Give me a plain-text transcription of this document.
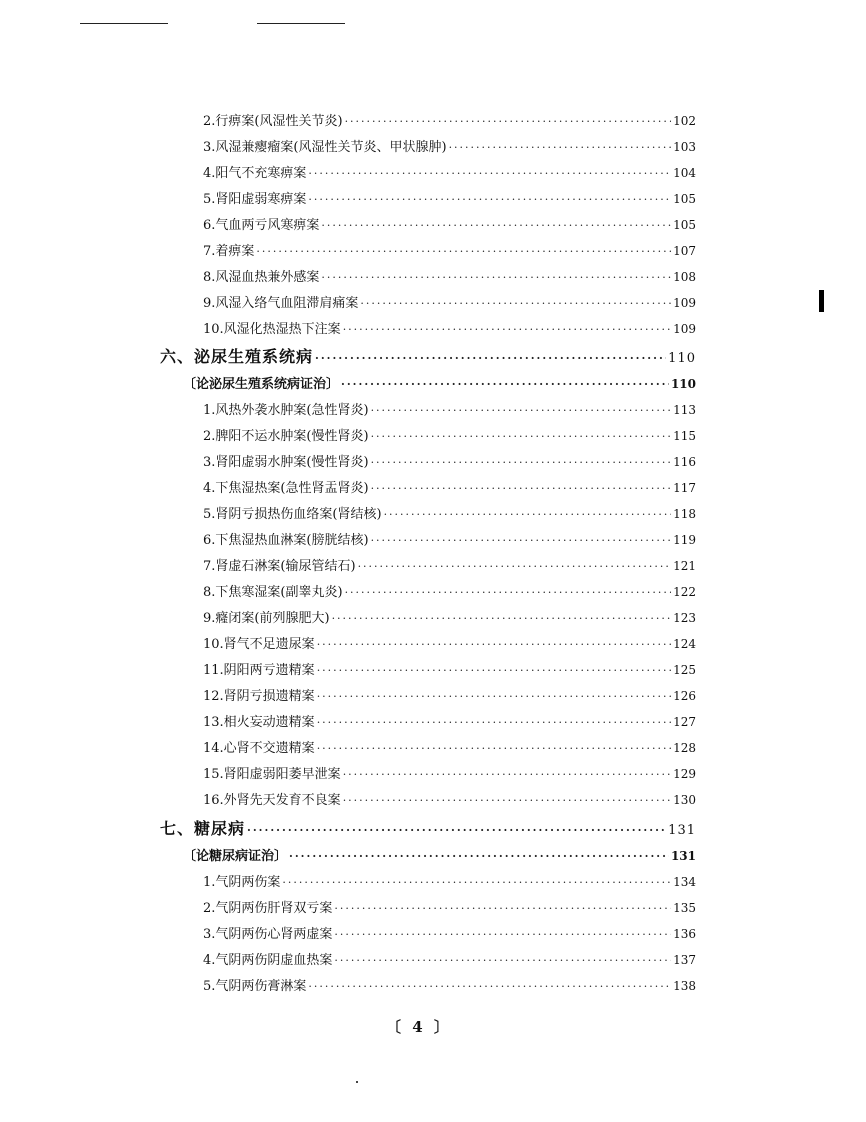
2.行痹案(风湿性关节炎) ·····	102
3.风湿兼瘿瘤案(风湿性关节炎、甲状腺肿) ·····	103
4.阳气不充寒痹案 ·····	104
5.肾阳虚弱寒痹案 ·····	105
6.气血两亏风寒痹案 ·····	105
7.着痹案 ·····	107
8.风湿血热兼外感案 ·····	108
9.风湿入络气血阻滞肩痛案 ·····	109
10.风湿化热湿热下注案 ·····	109
六、泌尿生殖系统病 ·····	110
〔论泌尿生殖系统病证治〕 ·····	110
1.风热外袭水肿案(急性肾炎) ·····	113
2.脾阳不运水肿案(慢性肾炎) ·····	115
3.肾阳虚弱水肿案(慢性肾炎) ·····	116
4.下焦湿热案(急性肾盂肾炎) ·····	117
5.肾阴亏损热伤血络案(肾结核) ·····	118
6.下焦湿热血淋案(膀胱结核) ·····	119
7.肾虚石淋案(输尿管结石) ·····	121
8.下焦寒湿案(副睾丸炎) ·····	122
9.癃闭案(前列腺肥大) ·····	123
10.肾气不足遗尿案 ·····	124
11.阴阳两亏遗精案 ·····	125
12.肾阴亏损遗精案 ·····	126
13.相火妄动遗精案 ·····	127
14.心肾不交遗精案 ·····	128
15.肾阳虚弱阳萎早泄案 ·····	129
16.外肾先天发育不良案 ·····	130
七、糖尿病 ·····	131
〔论糖尿病证治〕 ·····	131
1.气阴两伤案 ·····	134
2.气阴两伤肝肾双亏案 ·····	135
3.气阴两伤心肾两虚案 ·····	136
4.气阴两伤阴虚血热案 ·····	137
5.气阴两伤膏淋案 ·····	138
〔 4 〕
